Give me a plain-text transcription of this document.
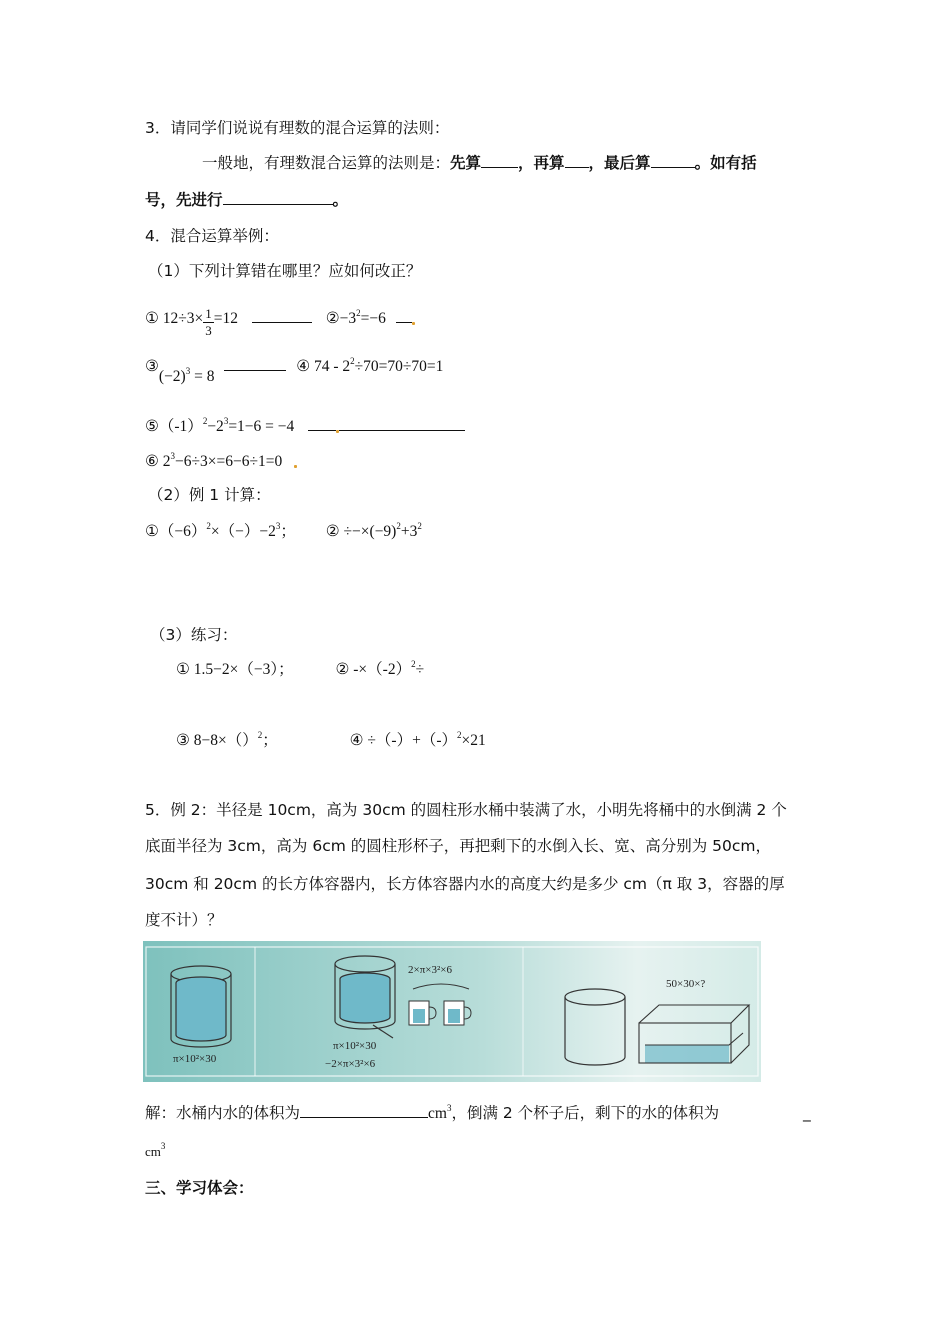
3．请同学们说说有理数的混合运算的法则：
一般地，有理数混合运算的法则是：先算 ，再算 ，最后算	。如有括
号，先进行	。
4．混合运算举例：
（1）下列计算错在哪里？应如何改正？
① $12\div 3\times \frac{1}{3} =12$	$②-3^2=-6$
$③(-2)^3 = 8$  ④ $74 - 2^2\div 70=70\div 70=1$
$⑤(-1)^2-2^3=1-6 = -4$
⑥ $2^3-6\div 3\times=6-6\div 1=0$
（2）例 1 计算：
$①(-6)^2\times(-)-2^3$； ② $\div-\times(-9)^2+3^2$
（3）练习：
① 1.5−2×（−3）；	② $-\times(-2)^2\div$
③ 8−8×（）$^2$；	④ $\div(-)+(-)^2\times 21$
5．例 2：半径是 10cm，高为 30cm 的圆柱形水桶中装满了水，小明先将桶中的水倒满 2 个
底面半径为 3cm，高为 6cm 的圆柱形杯子，再把剩下的水倒入长、宽、高分别为 50cm，
30cm 和 20cm 的长方体容器内，长方体容器内水的高度大约是多少 cm（π 取 3，容器的厚
度不计）？
π×10²×30
π×10²×30
−2×π×3²×6
2×π×3²×6
50×30×?
解：水桶内水的体积为	$cm^3$，倒满 2 个杯子后，剩下的水的体积为	_
$cm^3$
三、学习体会：
